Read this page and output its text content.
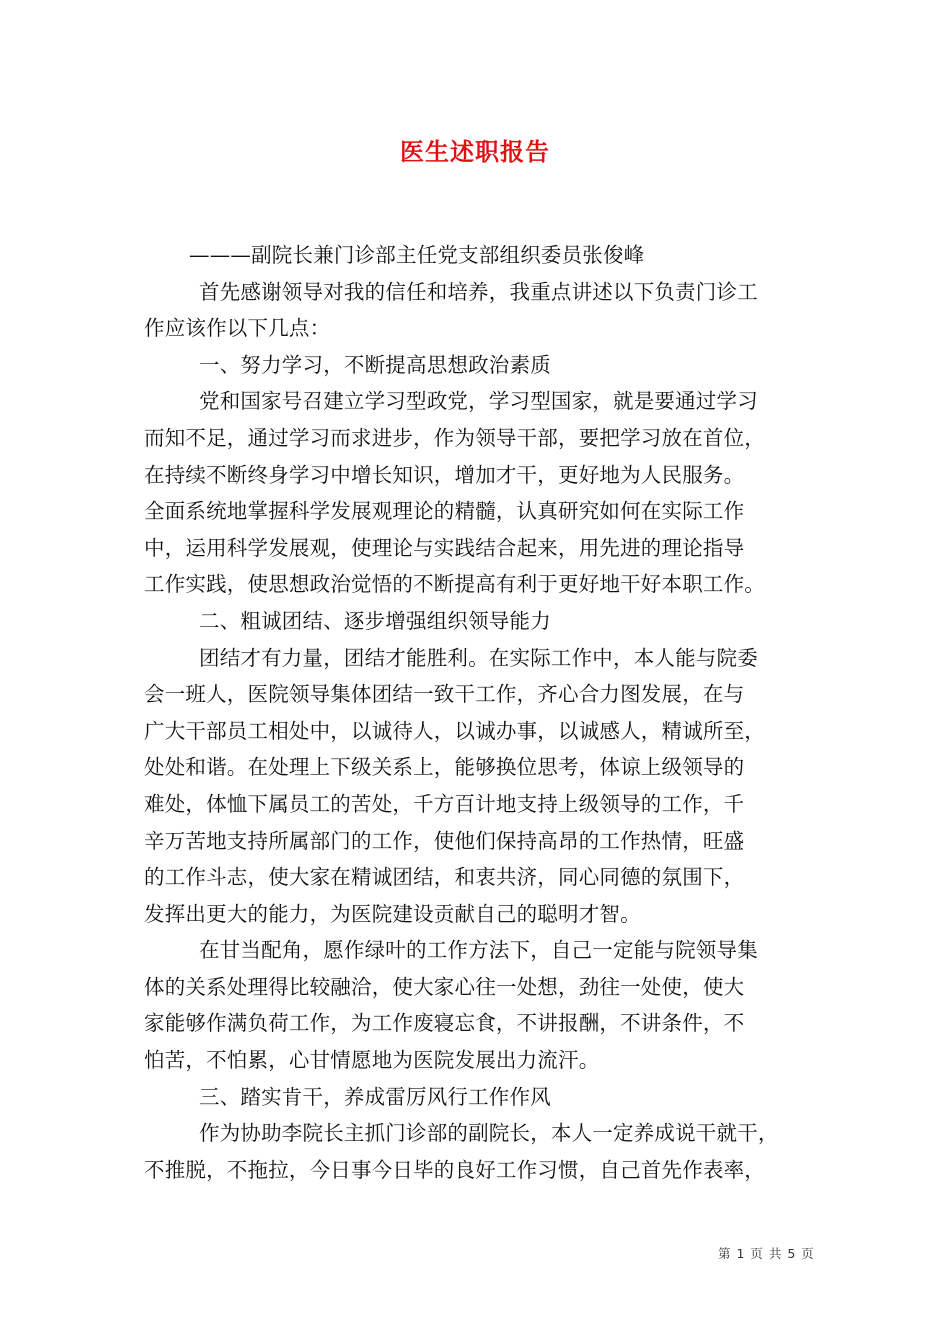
医生述职报告
———副院长兼门诊部主任党支部组织委员张俊峰
首先感谢领导对我的信任和培养，我重点讲述以下负责门诊工
作应该作以下几点：
一、努力学习，不断提高思想政治素质
党和国家号召建立学习型政党，学习型国家，就是要通过学习
而知不足，通过学习而求进步，作为领导干部，要把学习放在首位，
在持续不断终身学习中增长知识，增加才干，更好地为人民服务。
全面系统地掌握科学发展观理论的精髓，认真研究如何在实际工作
中，运用科学发展观，使理论与实践结合起来，用先进的理论指导
工作实践，使思想政治觉悟的不断提高有利于更好地干好本职工作。
二、粗诚团结、逐步增强组织领导能力
团结才有力量，团结才能胜利。在实际工作中，本人能与院委
会一班人，医院领导集体团结一致干工作，齐心合力图发展，在与
广大干部员工相处中，以诚待人，以诚办事，以诚感人，精诚所至，
处处和谐。在处理上下级关系上，能够换位思考，体谅上级领导的
难处，体恤下属员工的苦处，千方百计地支持上级领导的工作，千
辛万苦地支持所属部门的工作，使他们保持高昂的工作热情，旺盛
的工作斗志，使大家在精诚团结，和衷共济，同心同德的氛围下，
发挥出更大的能力，为医院建设贡献自己的聪明才智。
在甘当配角，愿作绿叶的工作方法下，自己一定能与院领导集
体的关系处理得比较融洽，使大家心往一处想，劲往一处使，使大
家能够作满负荷工作，为工作废寝忘食，不讲报酬，不讲条件，不
怕苦，不怕累，心甘情愿地为医院发展出力流汗。
三、踏实肯干，养成雷厉风行工作作风
作为协助李院长主抓门诊部的副院长，本人一定养成说干就干，
不推脱，不拖拉，今日事今日毕的良好工作习惯，自己首先作表率，
第 1 页 共 5 页
